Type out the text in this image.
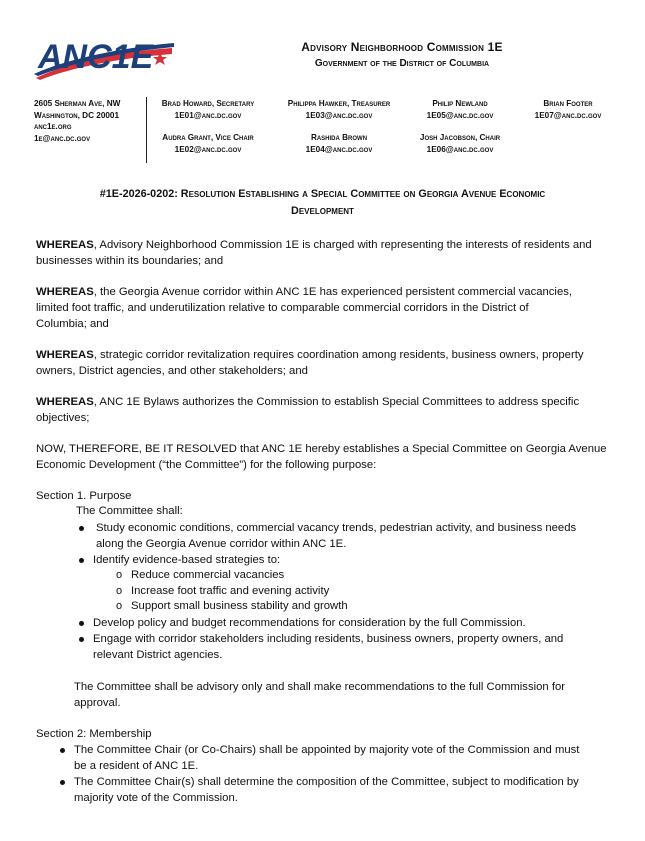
ANC1E	Advisory Neighborhood Commission 1E
Government of the District of Columbia
2605 Sherman Ave, NW
Washington, DC 20001
anc1e.org
1e@anc.dc.gov
Brad Howard, Secretary
1E01@anc.dc.gov
Philippa Hawker, Treasurer
1E03@anc.dc.gov
Philip Newland
1E05@anc.dc.gov
Brian Footer
1E07@anc.dc.gov
Audra Grant, Vice Chair
1E02@anc.dc.gov
Rashida Brown
1E04@anc.dc.gov
Josh Jacobson, Chair
1E06@anc.dc.gov
#1E-2026-0202: Resolution Establishing a Special Committee on Georgia Avenue Economic
Development
WHEREAS, Advisory Neighborhood Commission 1E is charged with representing the interests of residents and
businesses within its boundaries; and
WHEREAS, the Georgia Avenue corridor within ANC 1E has experienced persistent commercial vacancies,
limited foot traffic, and underutilization relative to comparable commercial corridors in the District of
Columbia; and
WHEREAS, strategic corridor revitalization requires coordination among residents, business owners, property
owners, District agencies, and other stakeholders; and
WHEREAS, ANC 1E Bylaws authorizes the Commission to establish Special Committees to address specific
objectives;
NOW, THEREFORE, BE IT RESOLVED that ANC 1E hereby establishes a Special Committee on Georgia Avenue
Economic Development (“the Committee”) for the following purpose:
Section 1. Purpose
The Committee shall:
Study economic conditions, commercial vacancy trends, pedestrian activity, and business needs
along the Georgia Avenue corridor within ANC 1E.
Identify evidence-based strategies to:
o Reduce commercial vacancies
o Increase foot traffic and evening activity
o Support small business stability and growth
Develop policy and budget recommendations for consideration by the full Commission.
Engage with corridor stakeholders including residents, business owners, property owners, and
relevant District agencies.
The Committee shall be advisory only and shall make recommendations to the full Commission for
approval.
Section 2: Membership
The Committee Chair (or Co-Chairs) shall be appointed by majority vote of the Commission and must
be a resident of ANC 1E.
The Committee Chair(s) shall determine the composition of the Committee, subject to modification by
majority vote of the Commission.
